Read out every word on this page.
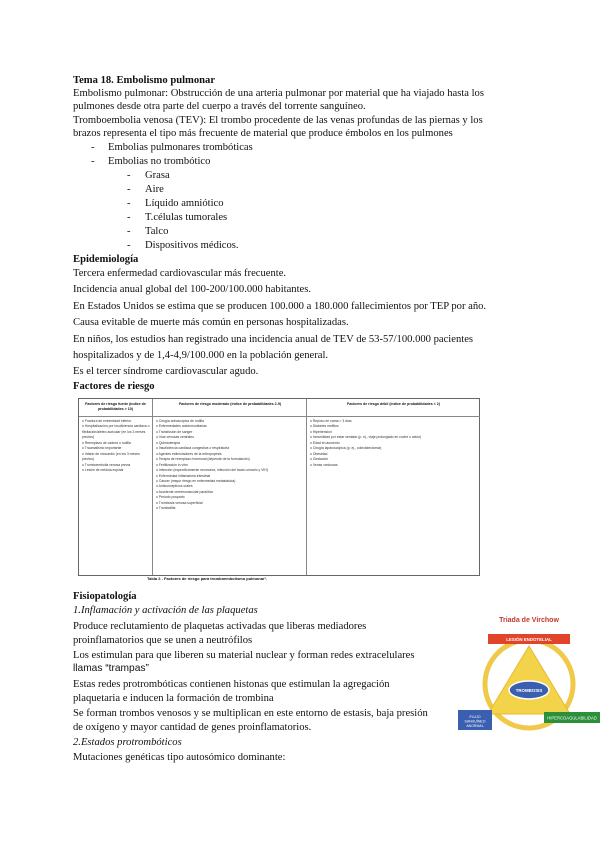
Tema 18. Embolismo pulmonar
Embolismo pulmonar: Obstrucción de una arteria pulmonar por material que ha viajado hasta los
pulmones desde otra parte del cuerpo a través del torrente sanguíneo.
Tromboembolia venosa (TEV): El trombo procedente de las venas profundas de las piernas y los
brazos representa el tipo más frecuente de material que produce émbolos en los pulmones
- Embolias pulmonares trombóticas
- Embolias no trombótico
- Grasa
- Aire
- Líquido amniótico
- T.células tumorales
- Talco
- Dispositivos médicos.
Epidemiología
Tercera enfermedad cardiovascular más frecuente.
Incidencia anual global del 100-200/100.000 habitantes.
En Estados Unidos se estima que se producen 100.000 a 180.000 fallecimientos por TEP por año.
Causa evitable de muerte más común en personas hospitalizadas.
En niños, los estudios han registrado una incidencia anual de TEV de 53-57/100.000 pacientes
hospitalizados y de 1,4-4,9/100.000 en la población general.
Es el tercer síndrome cardiovascular agudo.
Factores de riesgo
Factores de riesgo fuerte (índice de probabilidades > 10)
o Fractura de extremidad inferior
o Hospitalización por insuficiencia cardiaca o fibrilación/aleteo auricular (en los 3 meses previos)
o Reemplazo de cadera o rodilla
o Traumatismo importante
o Infarto de miocardio (en los 3 meses previos)
o Tromboembolia venosa previa
o Lesión de médula espinal
Factores de riesgo moderado (índice de probabilidades 2-9)
o Cirugía artroscópica de rodilla
o Enfermedades autoinmunitarias
o Transfusión de sangre
o Vías venosas centrales
o Quimioterapia
o Insuficiencia cardiaca congestiva o respiratoria
o Agentes estimuladores de la eritropoyesis
o Terapia de reemplazo hormonal (depende de la formulación)
o Fertilización in vitro
o Infección (específicamente neumonía, infección del tracto urinario y VIH)
o Enfermedad inflamatoria intestinal
o Cáncer (mayor riesgo en enfermedad metastásica)
o Anticonceptivos orales
o Accidente cerebrovascular paralítico
o Periodo posparto
o Trombosis venosa superficial
o Trombofilia
Factores de riesgo débil (índice de probabilidades < 2)
o Reposo en cama > 3 días
o Diabetes mellitus
o Hipertensión
o Inmovilidad por estar sentado (p. ej., viaje prolongado en coche o avión)
o Edad en aumento
o Cirugía laparoscópica (p. ej., colecistectomía)
o Obesidad
o Gestación
o Venas varicosas
Tabla 2 - Factores de riesgo para tromboembolismo pulmonar¹.
Fisiopatología
1.Inflamación y activación de las plaquetas
Produce reclutamiento de plaquetas activadas que liberas mediadores
proinflamatorios que se unen a neutrófilos
Los estimulan para que liberen su material nuclear y forman redes extracelulares
llamas “trampas”
Estas redes protrombóticas contienen histonas que estimulan la agregación
plaquetaria e inducen la formación de trombina
Se forman trombos venosos y se multiplican en este entorno de estasis, baja presión
de oxígeno y mayor cantidad de genes proinflamatorios.
2.Estados protrombóticos
Mutaciones genéticas tipo autosómico dominante:
Triada de Virchow
LESIÓN ENDOTELIAL
TROMBOSIS
FLUJO SANGUÍNEO ANORMAL
HIPERCOAGULABILIDAD
